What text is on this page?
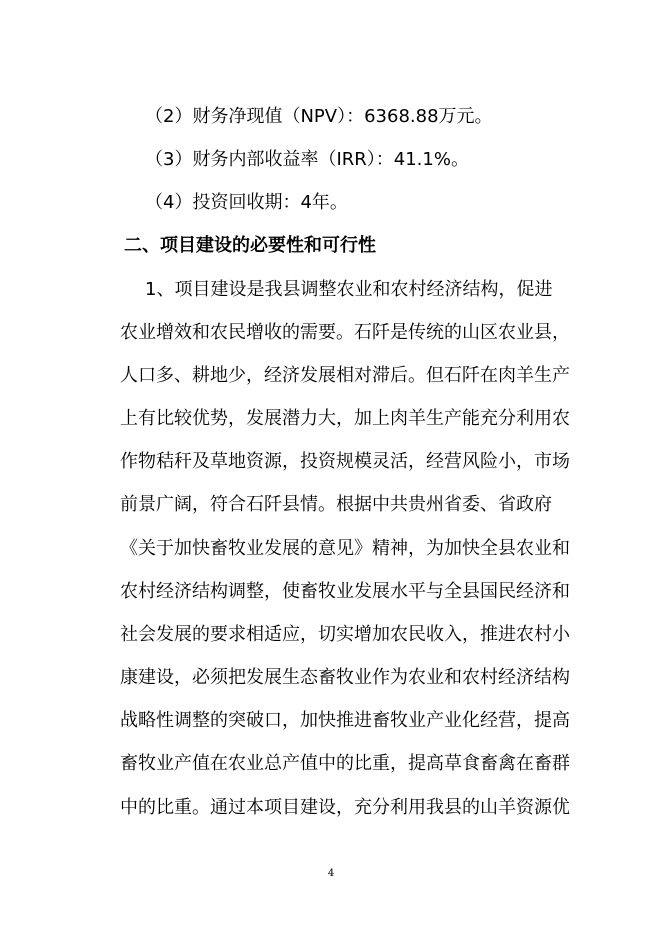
（2）财务净现值（NPV）：6368.88万元。
（3）财务内部收益率（IRR）：41.1%。
（4）投资回收期：4年。
二、项目建设的必要性和可行性
1、项目建设是我县调整农业和农村经济结构，促进
农业增效和农民增收的需要。石阡是传统的山区农业县，
人口多、耕地少，经济发展相对滞后。但石阡在肉羊生产
上有比较优势，发展潜力大，加上肉羊生产能充分利用农
作物秸秆及草地资源，投资规模灵活，经营风险小，市场
前景广阔，符合石阡县情。根据中共贵州省委、省政府
《关于加快畜牧业发展的意见》精神，为加快全县农业和
农村经济结构调整，使畜牧业发展水平与全县国民经济和
社会发展的要求相适应，切实增加农民收入，推进农村小
康建设，必须把发展生态畜牧业作为农业和农村经济结构
战略性调整的突破口，加快推进畜牧业产业化经营，提高
畜牧业产值在农业总产值中的比重，提高草食畜禽在畜群
中的比重。通过本项目建设，充分利用我县的山羊资源优
4
